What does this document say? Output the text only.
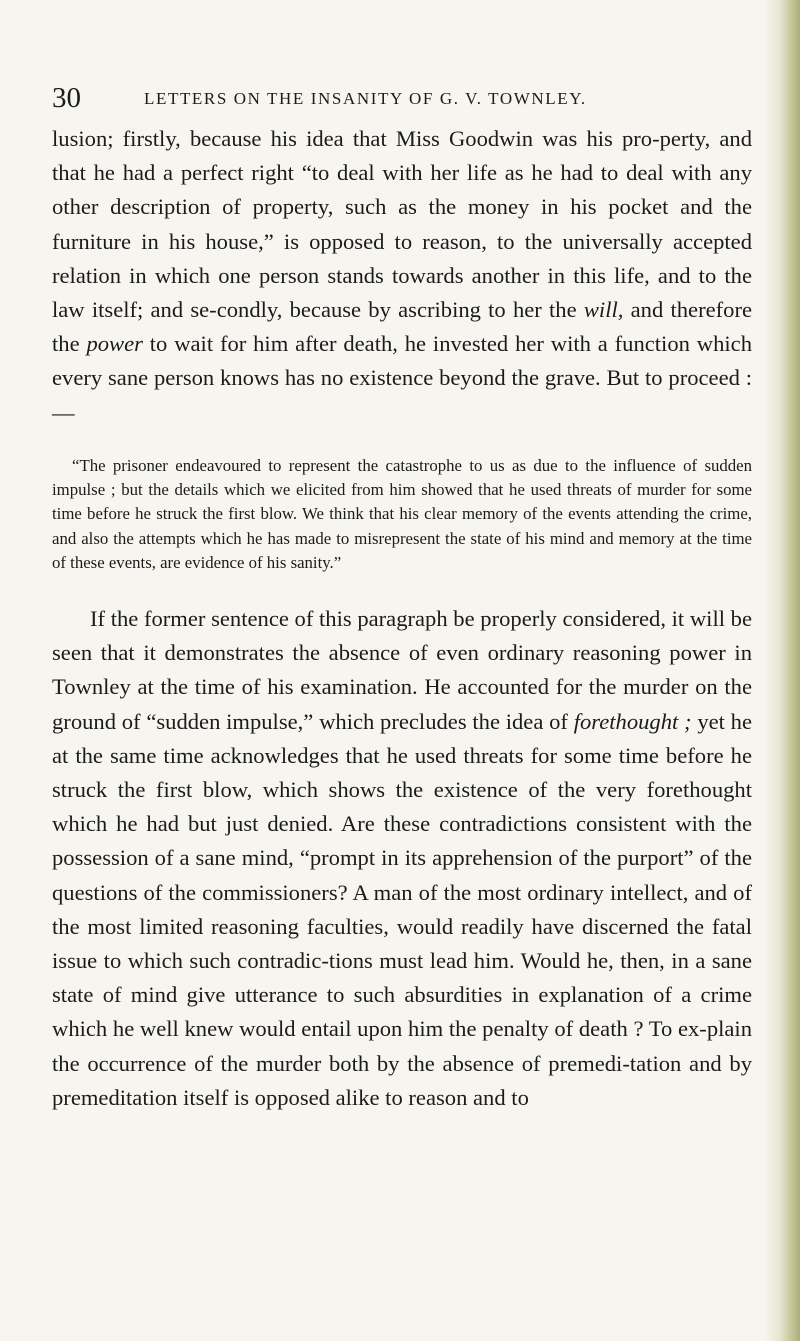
30	LETTERS ON THE INSANITY OF G. V. TOWNLEY.

lusion; firstly, because his idea that Miss Goodwin was his pro-perty, and that he had a perfect right “to deal with her life as he had to deal with any other description of property, such as the money in his pocket and the furniture in his house,” is opposed to reason, to the universally accepted relation in which one person stands towards another in this life, and to the law itself; and se-condly, because by ascribing to her the will, and therefore the power to wait for him after death, he invested her with a function which every sane person knows has no existence beyond the grave. But to proceed :—

“The prisoner endeavoured to represent the catastrophe to us as due to the influence of sudden impulse ; but the details which we elicited from him showed that he used threats of murder for some time before he struck the first blow. We think that his clear memory of the events attending the crime, and also the attempts which he has made to misrepresent the state of his mind and memory at the time of these events, are evidence of his sanity.”

If the former sentence of this paragraph be properly considered, it will be seen that it demonstrates the absence of even ordinary reasoning power in Townley at the time of his examination. He accounted for the murder on the ground of “sudden impulse,” which precludes the idea of forethought ; yet he at the same time acknowledges that he used threats for some time before he struck the first blow, which shows the existence of the very forethought which he had but just denied. Are these contradictions consistent with the possession of a sane mind, “prompt in its apprehension of the purport” of the questions of the commissioners? A man of the most ordinary intellect, and of the most limited reasoning faculties, would readily have discerned the fatal issue to which such contradic-tions must lead him. Would he, then, in a sane state of mind give utterance to such absurdities in explanation of a crime which he well knew would entail upon him the penalty of death ? To ex-plain the occurrence of the murder both by the absence of premedi-tation and by premeditation itself is opposed alike to reason and to
